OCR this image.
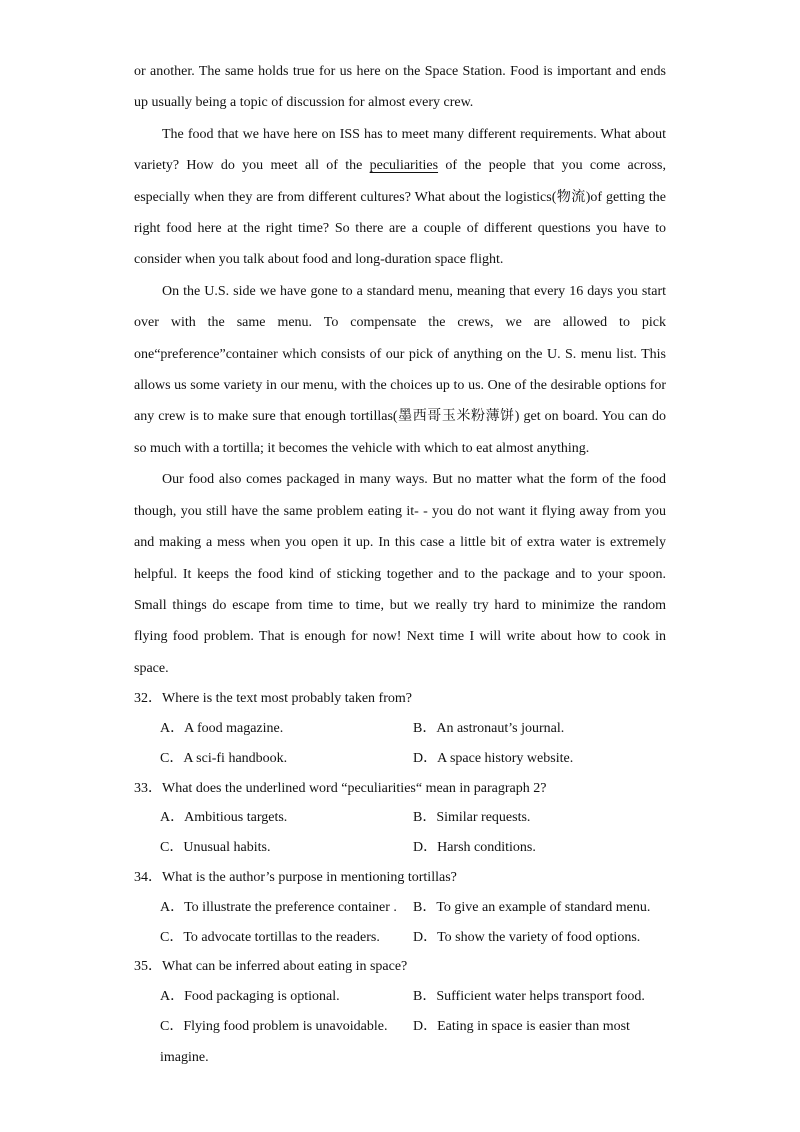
or another. The same holds true for us here on the Space Station. Food is important and ends up usually being a topic of discussion for almost every crew.

The food that we have here on ISS has to meet many different requirements. What about variety? How do you meet all of the peculiarities of the people that you come across, especially when they are from different cultures? What about the logistics(物流)of getting the right food here at the right time? So there are a couple of different questions you have to consider when you talk about food and long-duration space flight.

On the U.S. side we have gone to a standard menu, meaning that every 16 days you start over with the same menu. To compensate the crews, we are allowed to pick one“preference”container which consists of our pick of anything on the U. S. menu list. This allows us some variety in our menu, with the choices up to us. One of the desirable options for any crew is to make sure that enough tortillas(墨西哥玉米粉薄饼) get on board. You can do so much with a tortilla; it becomes the vehicle with which to eat almost anything.

Our food also comes packaged in many ways. But no matter what the form of the food though, you still have the same problem eating it- - you do not want it flying away from you and making a mess when you open it up. In this case a little bit of extra water is extremely helpful. It keeps the food kind of sticking together and to the package and to your spoon. Small things do escape from time to time, but we really try hard to minimize the random flying food problem. That is enough for now! Next time I will write about how to cook in space.

32．Where is the text most probably taken from?

A．A food magazine.	B．An astronaut’s journal.
C．A sci-fi handbook.	D．A space history website.

33．What does the underlined word “peculiarities“ mean in paragraph 2?

A．Ambitious targets.	B．Similar requests.
C．Unusual habits.	D．Harsh conditions.

34．What is the author’s purpose in mentioning tortillas?

A．To illustrate the preference container .	B．To give an example of standard menu.
C．To advocate tortillas to the readers.	D．To show the variety of food options.

35．What can be inferred about eating in space?

A．Food packaging is optional.	B．Sufficient water helps transport food.
C．Flying food problem is unavoidable.	D．Eating in space is easier than most
imagine.
